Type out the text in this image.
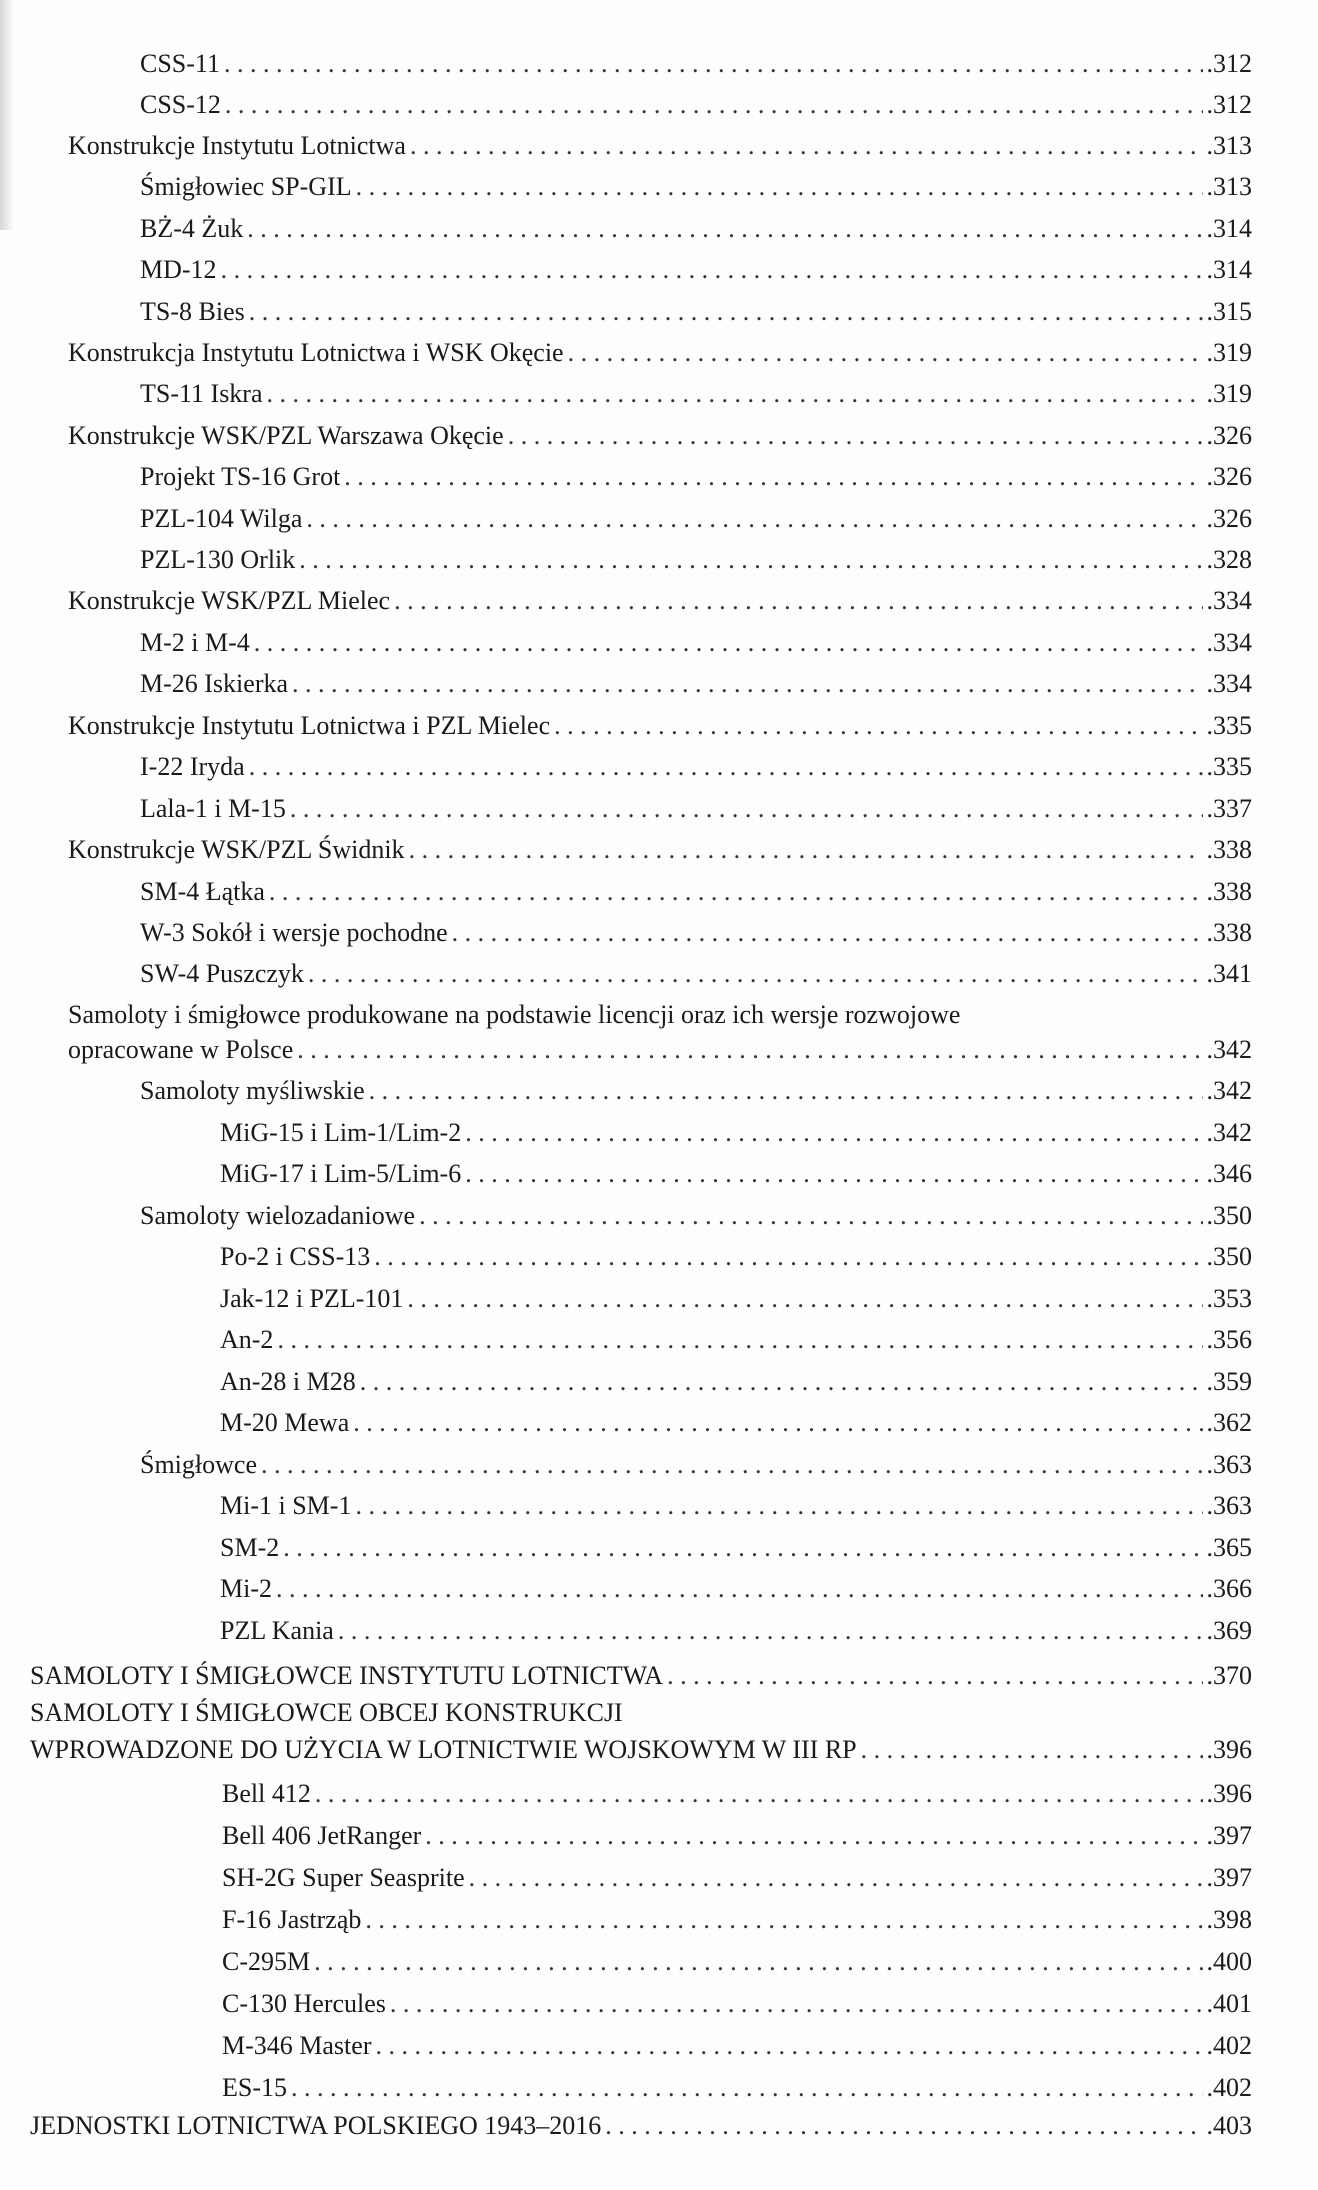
CSS-11 . . .	.312
CSS-12 . . .	.312
Konstrukcje Instytutu Lotnictwa . . .	.313
Śmigłowiec SP-GIL . . .	.313
BŻ-4 Żuk . . .	.314
MD-12 . . .	.314
TS-8 Bies . . .	.315
Konstrukcja Instytutu Lotnictwa i WSK Okęcie . . .	.319
TS-11 Iskra . . .	.319
Konstrukcje WSK/PZL Warszawa Okęcie . . .	.326
Projekt TS-16 Grot . . .	.326
PZL-104 Wilga . . .	.326
PZL-130 Orlik . . .	.328
Konstrukcje WSK/PZL Mielec . . .	.334
M-2 i M-4 . . .	.334
M-26 Iskierka . . .	.334
Konstrukcje Instytutu Lotnictwa i PZL Mielec . . .	.335
I-22 Iryda . . .	.335
Lala-1 i M-15 . . .	.337
Konstrukcje WSK/PZL Świdnik . . .	.338
SM-4 Łątka . . .	.338
W-3 Sokół i wersje pochodne . . .	.338
SW-4 Puszczyk . . .	.341
Samoloty i śmigłowce produkowane na podstawie licencji oraz ich wersje rozwojowe
opracowane w Polsce . . .	.342
Samoloty myśliwskie . . .	.342
MiG-15 i Lim-1/Lim-2 . . .	.342
MiG-17 i Lim-5/Lim-6 . . .	.346
Samoloty wielozadaniowe . . .	.350
Po-2 i CSS-13 . . .	.350
Jak-12 i PZL-101 . . .	.353
An-2 . . .	.356
An-28 i M28 . . .	.359
M-20 Mewa . . .	.362
Śmigłowce . . .	.363
Mi-1 i SM-1 . . .	.363
SM-2 . . .	.365
Mi-2 . . .	.366
PZL Kania . . .	.369
SAMOLOTY I ŚMIGŁOWCE INSTYTUTU LOTNICTWA . . .	.370
SAMOLOTY I ŚMIGŁOWCE OBCEJ KONSTRUKCJI
WPROWADZONE DO UŻYCIA W LOTNICTWIE WOJSKOWYM W III RP . . .	.396
Bell 412 . . .	.396
Bell 406 JetRanger . . .	.397
SH-2G Super Seasprite . . .	.397
F-16 Jastrząb . . .	.398
C-295M . . .	.400
C-130 Hercules . . .	.401
M-346 Master . . .	.402
ES-15 . . .	.402
JEDNOSTKI LOTNICTWA POLSKIEGO 1943–2016 . . .	.403
